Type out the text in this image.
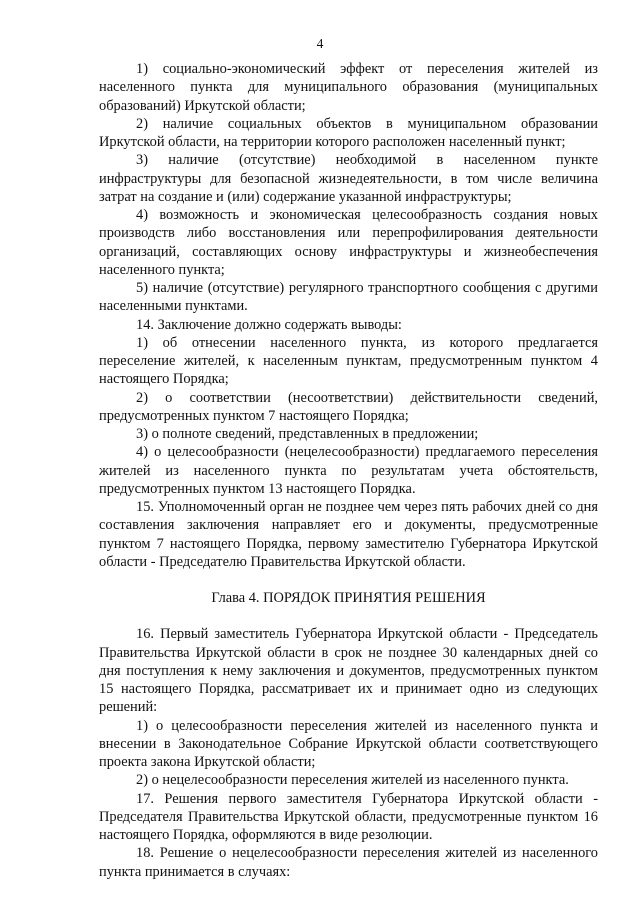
4

1) социально-экономический эффект от переселения жителей из населенного пункта для муниципального образования (муниципальных образований) Иркутской области;

2) наличие социальных объектов в муниципальном образовании Иркутской области, на территории которого расположен населенный пункт;

3) наличие (отсутствие) необходимой в населенном пункте инфраструктуры для безопасной жизнедеятельности, в том числе величина затрат на создание и (или) содержание указанной инфраструктуры;

4) возможность и экономическая целесообразность создания новых производств либо восстановления или перепрофилирования деятельности организаций, составляющих основу инфраструктуры и жизнеобеспечения населенного пункта;

5) наличие (отсутствие) регулярного транспортного сообщения с другими населенными пунктами.

14. Заключение должно содержать выводы:

1) об отнесении населенного пункта, из которого предлагается переселение жителей, к населенным пунктам, предусмотренным пунктом 4 настоящего Порядка;

2) о соответствии (несоответствии) действительности сведений, предусмотренных пунктом 7 настоящего Порядка;

3) о полноте сведений, представленных в предложении;

4) о целесообразности (нецелесообразности) предлагаемого переселения жителей из населенного пункта по результатам учета обстоятельств, предусмотренных пунктом 13 настоящего Порядка.

15. Уполномоченный орган не позднее чем через пять рабочих дней со дня составления заключения направляет его и документы, предусмотренные пунктом 7 настоящего Порядка, первому заместителю Губернатора Иркутской области - Председателю Правительства Иркутской области.

Глава 4. ПОРЯДОК ПРИНЯТИЯ РЕШЕНИЯ

16. Первый заместитель Губернатора Иркутской области - Председатель Правительства Иркутской области в срок не позднее 30 календарных дней со дня поступления к нему заключения и документов, предусмотренных пунктом 15 настоящего Порядка, рассматривает их и принимает одно из следующих решений:

1) о целесообразности переселения жителей из населенного пункта и внесении в Законодательное Собрание Иркутской области соответствующего проекта закона Иркутской области;

2) о нецелесообразности переселения жителей из населенного пункта.

17. Решения первого заместителя Губернатора Иркутской области - Председателя Правительства Иркутской области, предусмотренные пунктом 16 настоящего Порядка, оформляются в виде резолюции.

18. Решение о нецелесообразности переселения жителей из населенного пункта принимается в случаях:
